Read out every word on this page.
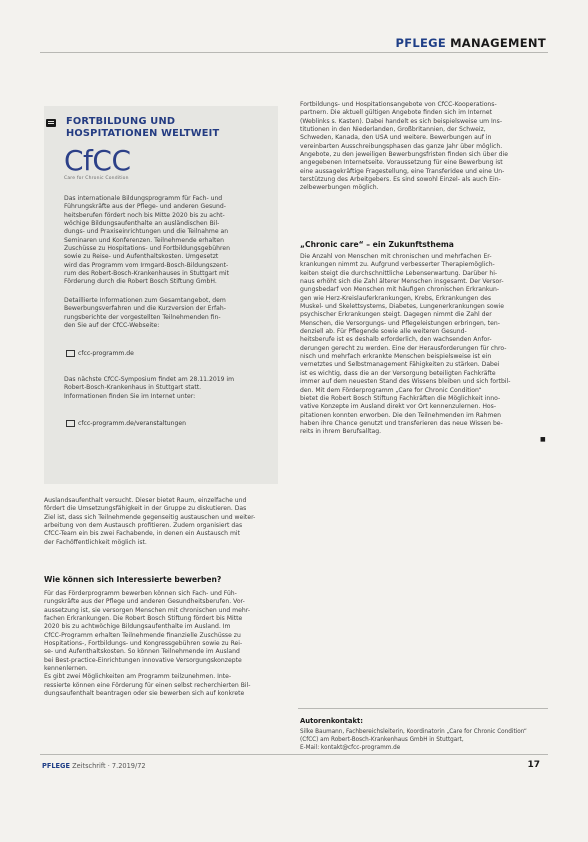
PFLEGE MANAGEMENT
FORTBILDUNG UND
HOSPITATIONEN WELTWEIT
CfCC
Care for Chronic Condition

Das internationale Bildungsprogramm für Fach- und

Führungskräfte aus der Pflege- und anderen Gesund-

heitsberufen fördert noch bis Mitte 2020 bis zu acht-

wöchige Bildungsaufenthalte an ausländischen Bil-

dungs- und Praxiseinrichtungen und die Teilnahme an

Seminaren und Konferenzen. Teilnehmende erhalten

Zuschüsse zu Hospitations- und Fortbildungsgebühren

sowie zu Reise- und Aufenthaltskosten. Umgesetzt

wird das Programm vom Irmgard-Bosch-Bildungszent-

rum des Robert-Bosch-Krankenhauses in Stuttgart mit

Förderung durch die Robert Bosch Stiftung GmbH.

Detaillierte Informationen zum Gesamtangebot, dem

Bewerbungsverfahren und die Kurzversion der Erfah-

rungsberichte der vorgestellten Teilnehmenden fin-

den Sie auf der CfCC-Webseite:

cfcc-programm.de

Das nächste CfCC-Symposium findet am 28.11.2019 im

Robert-Bosch-Krankenhaus in Stuttgart statt.

Informationen finden Sie im Internet unter:

cfcc-programm.de/veranstaltungen

Fortbildungs- und Hospitationsangebote von CfCC-Kooperations-

partnern. Die aktuell gültigen Angebote finden sich im Internet

(Weblinks s. Kasten). Dabei handelt es sich beispielsweise um Ins-

titutionen in den Niederlanden, Großbritannien, der Schweiz,

Schweden, Kanada, den USA und weitere. Bewerbungen auf in

vereinbarten Ausschreibungsphasen das ganze Jahr über möglich.

Angebote, zu den jeweiligen Bewerbungsfristen finden sich über die

angegebenen Internetseite. Voraussetzung für eine Bewerbung ist

eine aussagekräftige Fragestellung, eine Transferidee und eine Un-

terstützung des Arbeitgebers. Es sind sowohl Einzel- als auch Ein-

zelbewerbungen möglich.

„Chronic care“ – ein Zukunftsthema

Die Anzahl von Menschen mit chronischen und mehrfachen Er-

krankungen nimmt zu. Aufgrund verbesserter Therapiemöglich-

keiten steigt die durchschnittliche Lebenserwartung. Darüber hi-

naus erhöht sich die Zahl älterer Menschen insgesamt. Der Versor-

gungsbedarf von Menschen mit häufigen chronischen Erkrankun-

gen wie Herz-Kreislauferkrankungen, Krebs, Erkrankungen des

Muskel- und Skelettsystems, Diabetes, Lungenerkrankungen sowie

psychischer Erkrankungen steigt. Dagegen nimmt die Zahl der

Menschen, die Versorgungs- und Pflegeleistungen erbringen, ten-

denziell ab. Für Pflegende sowie alle weiteren Gesund-

heitsberufe ist es deshalb erforderlich, den wachsenden Anfor-

derungen gerecht zu werden. Eine der Herausforderungen für chro-

nisch und mehrfach erkrankte Menschen beispielsweise ist ein

vernetztes und Selbstmanagement Fähigkeiten zu stärken. Dabei

ist es wichtig, dass die an der Versorgung beteiligten Fachkräfte

immer auf dem neuesten Stand des Wissens bleiben und sich fortbil-

den. Mit dem Förderprogramm „Care for Chronic Condition“

bietet die Robert Bosch Stiftung Fachkräften die Möglichkeit inno-

vative Konzepte im Ausland direkt vor Ort kennenzulernen. Hos-

pitationen konnten erworben. Die den Teilnehmenden im Rahmen

haben ihre Chance genutzt und transferieren das neue Wissen be-

reits in ihrem Berufsalltag.

■

Auslandsaufenthalt versucht. Dieser bietet Raum, einzelfache und

fördert die Umsetzungsfähigkeit in der Gruppe zu diskutieren. Das

Ziel ist, dass sich Teilnehmende gegenseitig austauschen und weiter-

arbeitung von dem Austausch profitieren. Zudem organisiert das

CfCC-Team ein bis zwei Fachabende, in denen ein Austausch mit

der Fachöffentlichkeit möglich ist.

Wie können sich Interessierte bewerben?

Für das Förderprogramm bewerben können sich Fach- und Füh-

rungskräfte aus der Pflege und anderen Gesundheitsberufen. Vor-

aussetzung ist, sie versorgen Menschen mit chronischen und mehr-

fachen Erkrankungen. Die Robert Bosch Stiftung fördert bis Mitte

2020 bis zu achtwöchige Bildungsaufenthalte im Ausland. Im

CfCC-Programm erhalten Teilnehmende finanzielle Zuschüsse zu

Hospitations-, Fortbildungs- und Kongressgebühren sowie zu Rei-

se- und Aufenthaltskosten. So können Teilnehmende im Ausland

bei Best-practice-Einrichtungen innovative Versorgungskonzepte

kennenlernen.

Es gibt zwei Möglichkeiten am Programm teilzunehmen. Inte-

ressierte können eine Förderung für einen selbst recherchierten Bil-

dungsaufenthalt beantragen oder sie bewerben sich auf konkrete

Autorenkontakt:

Silke Baumann, Fachbereichsleiterin, Koordinatorin „Care for Chronic Condition“

(CfCC) am Robert-Bosch-Krankenhaus GmbH in Stuttgart,

E-Mail: kontakt@cfcc-programm.de

PFLEGE Zeitschrift · 7.2019/72	17
